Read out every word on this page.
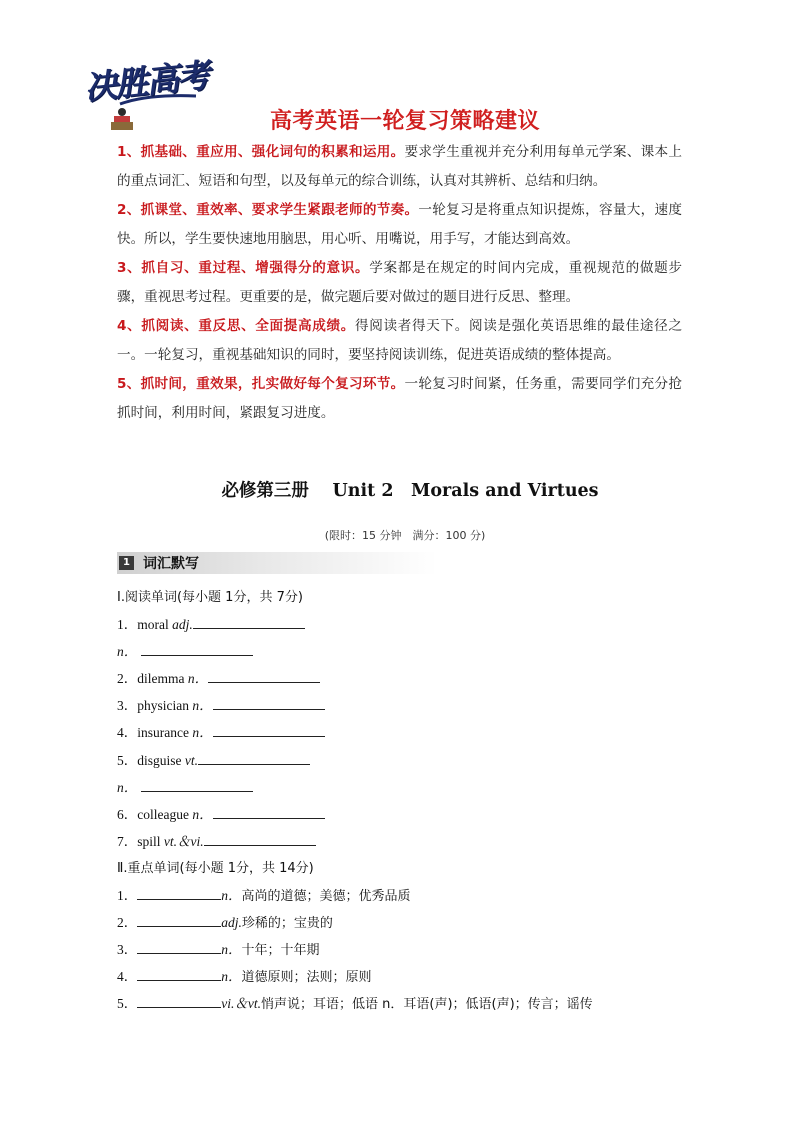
决胜高考
高考英语一轮复习策略建议

1、抓基础、重应用、强化词句的积累和运用。要求学生重视并充分利用每单元学案、课本上的重点词汇、短语和句型，以及每单元的综合训练，认真对其辨析、总结和归纳。

2、抓课堂、重效率、要求学生紧跟老师的节奏。一轮复习是将重点知识提炼，容量大，速度快。所以，学生要快速地用脑思，用心听、用嘴说，用手写，才能达到高效。

3、抓自习、重过程、增强得分的意识。学案都是在规定的时间内完成，重视规范的做题步骤，重视思考过程。更重要的是，做完题后要对做过的题目进行反思、整理。

4、抓阅读、重反思、全面提高成绩。得阅读者得天下。阅读是强化英语思维的最佳途径之一。一轮复习，重视基础知识的同时，要坚持阅读训练，促进英语成绩的整体提高。

5、抓时间，重效果，扎实做好每个复习环节。一轮复习时间紧，任务重，需要同学们充分抢抓时间，利用时间，紧跟复习进度。

必修第三册　 Unit 2　Morals and Virtues
(限时：15 分钟　满分：100 分)
1 词汇默写
Ⅰ.阅读单词(每小题 1分，共 7分)
1．moral adj.
n．
2．dilemma n．
3．physician n．
4．insurance n．
5．disguise vt.
n．
6．colleague n．
7．spill vt.＆vi.
Ⅱ.重点单词(每小题 1分，共 14分)
1．	n．高尚的道德；美德；优秀品质
2．	adj.珍稀的；宝贵的
3．	n．十年；十年期
4．	n．道德原则；法则；原则
5．	vi.＆vt.悄声说；耳语；低语 n．耳语(声)；低语(声)；传言；谣传
